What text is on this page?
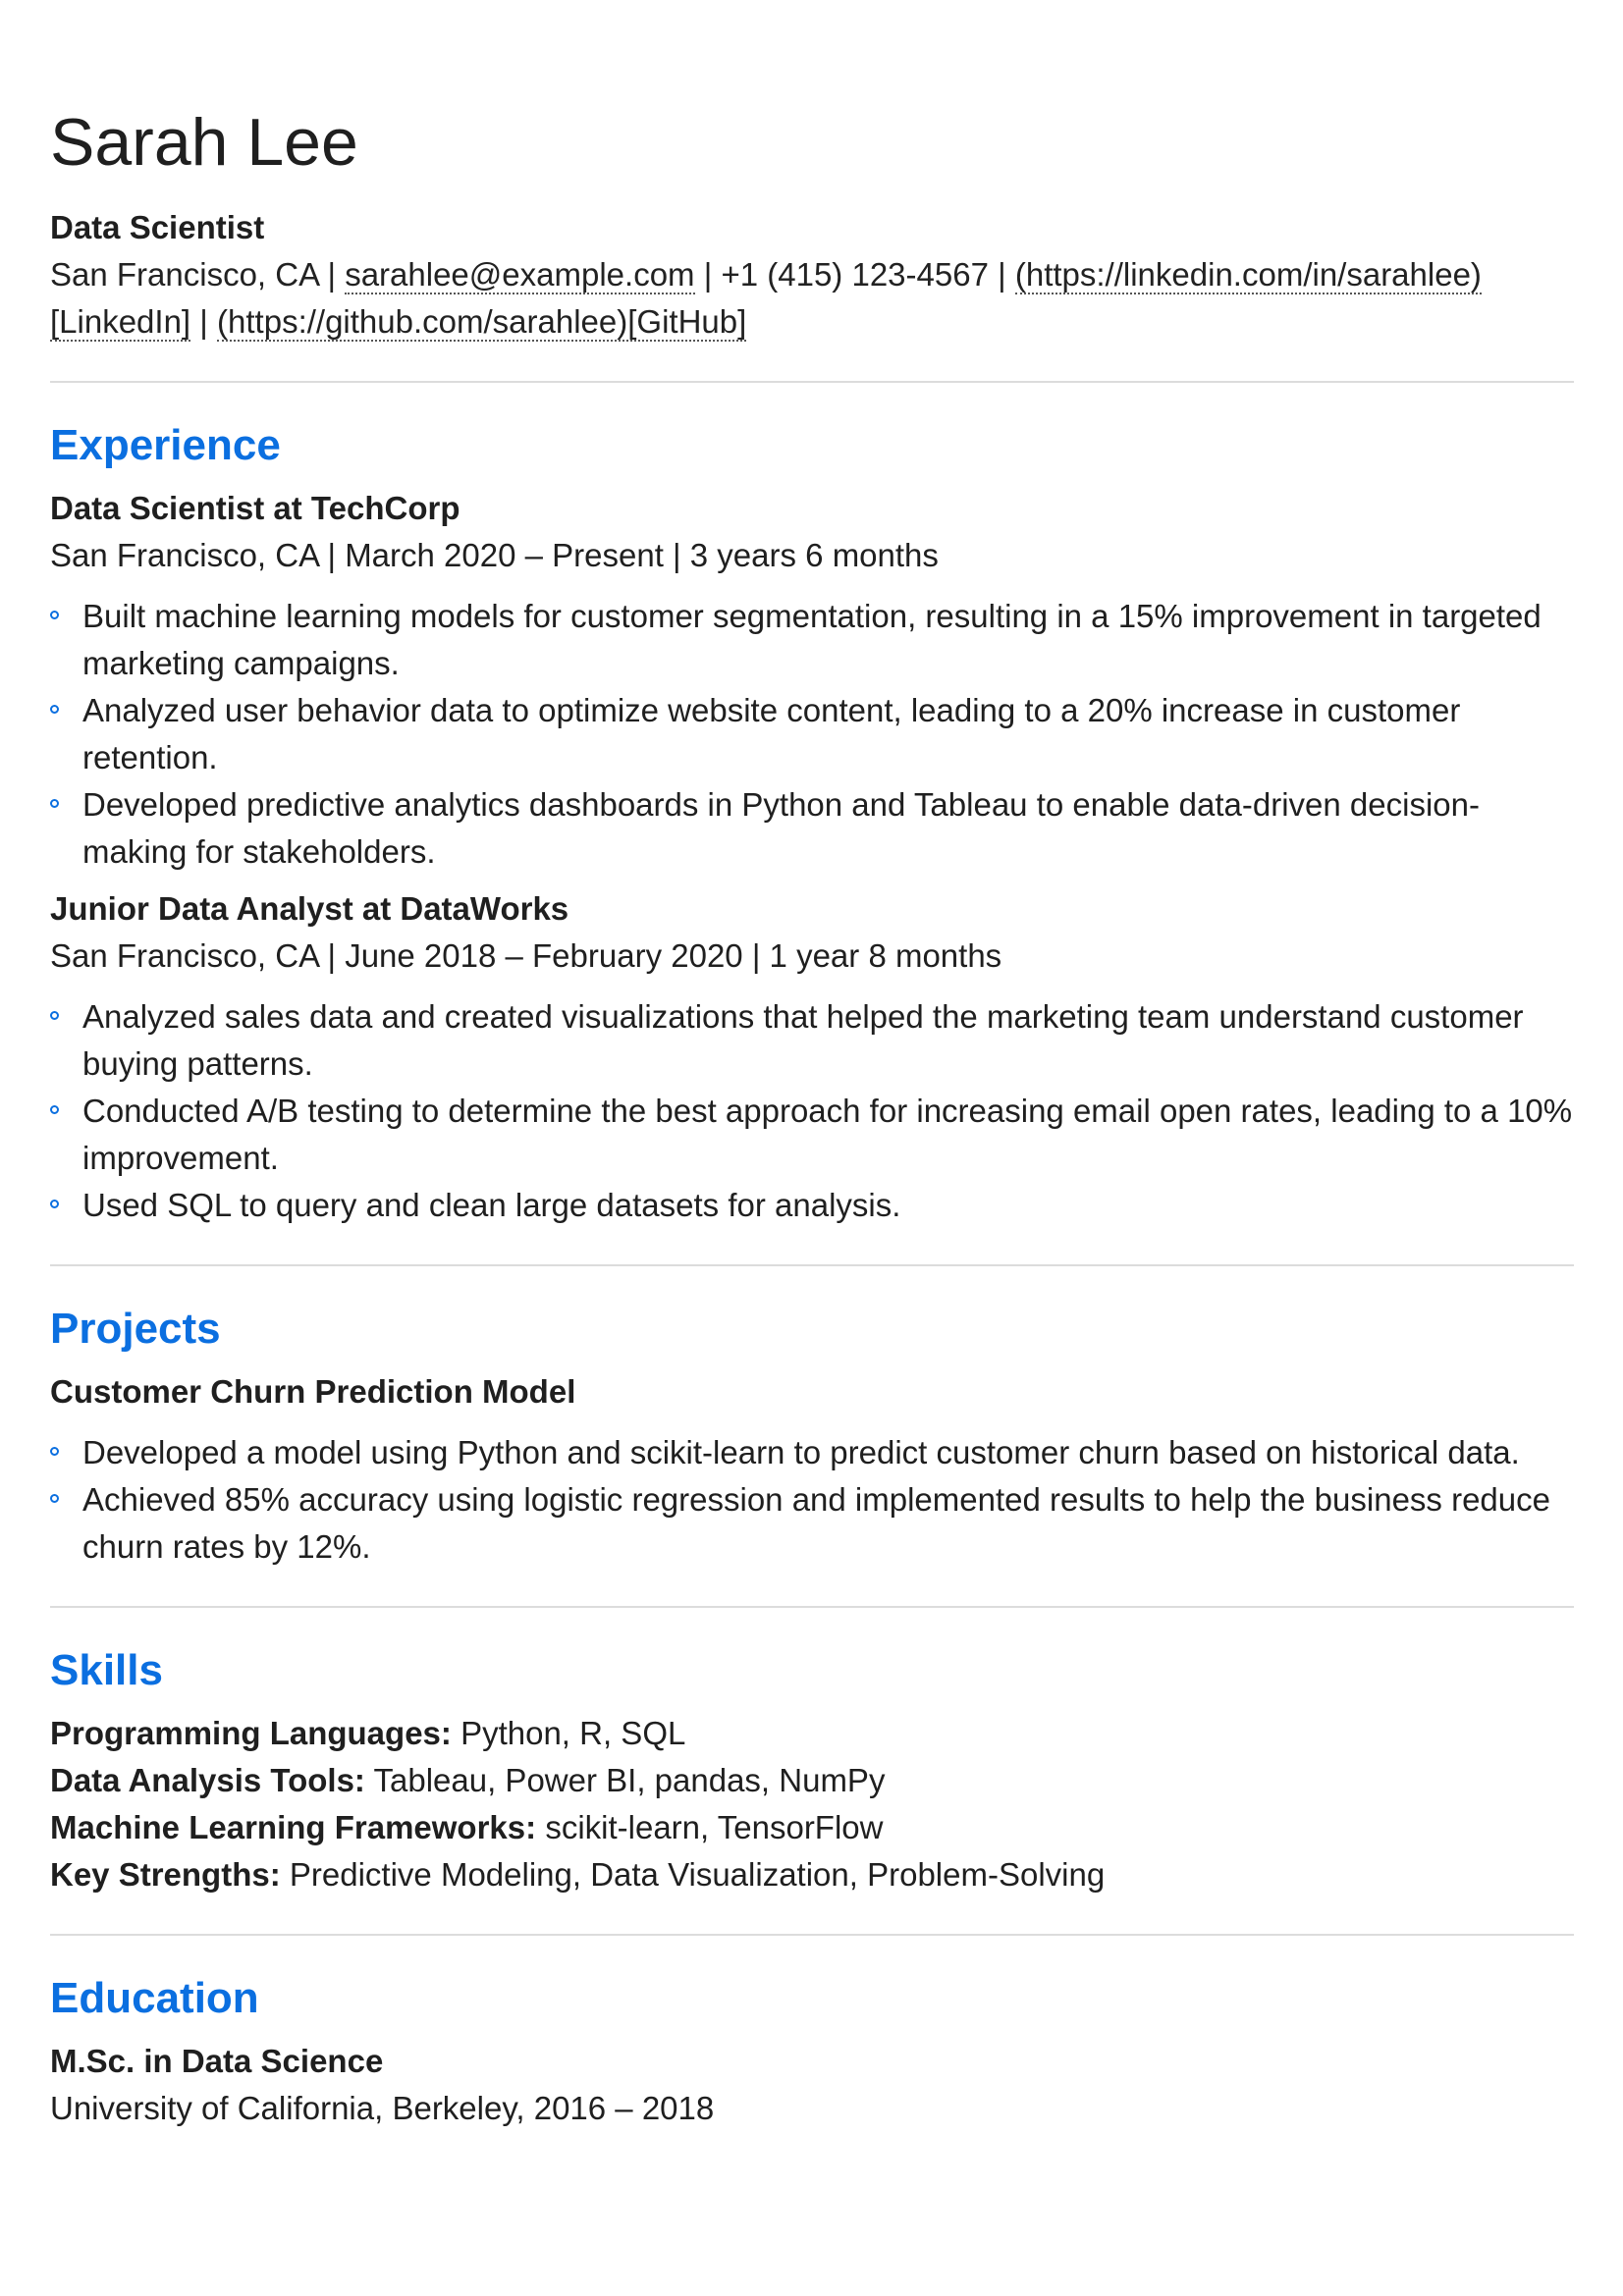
Sarah Lee

Data Scientist

San Francisco, CA | sarahlee@example.com | +1 (415) 123-4567 | (https://linkedin.com/in/sarahlee)[LinkedIn] | (https://github.com/sarahlee)[GitHub]

Experience

Data Scientist at TechCorp

San Francisco, CA | March 2020 – Present | 3 years 6 months

Built machine learning models for customer segmentation, resulting in a 15% improvement in targeted marketing campaigns.
Analyzed user behavior data to optimize website content, leading to a 20% increase in customer retention.
Developed predictive analytics dashboards in Python and Tableau to enable data-driven decision-making for stakeholders.

Junior Data Analyst at DataWorks

San Francisco, CA | June 2018 – February 2020 | 1 year 8 months

Analyzed sales data and created visualizations that helped the marketing team understand customer buying patterns.
Conducted A/B testing to determine the best approach for increasing email open rates, leading to a 10% improvement.
Used SQL to query and clean large datasets for analysis.
Projects

Customer Churn Prediction Model

Developed a model using Python and scikit-learn to predict customer churn based on historical data.
Achieved 85% accuracy using logistic regression and implemented results to help the business reduce churn rates by 12%.
Skills

Programming Languages: Python, R, SQL

Data Analysis Tools: Tableau, Power BI, pandas, NumPy

Machine Learning Frameworks: scikit-learn, TensorFlow

Key Strengths: Predictive Modeling, Data Visualization, Problem-Solving

Education

M.Sc. in Data Science

University of California, Berkeley, 2016 – 2018
